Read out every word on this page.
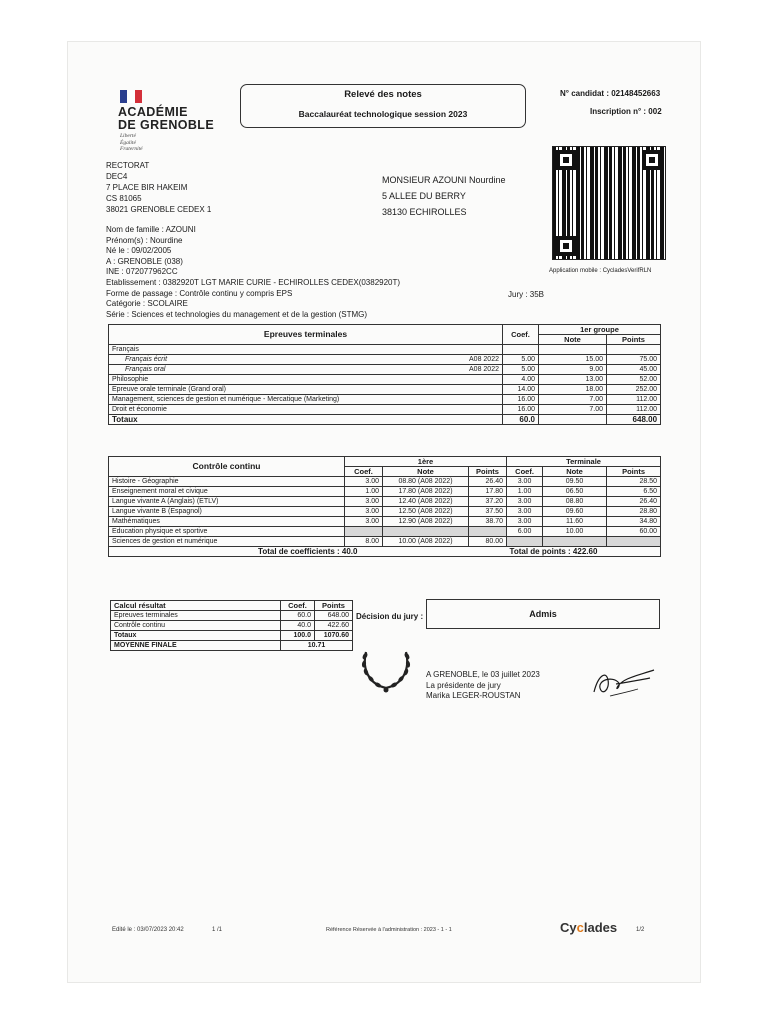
ACADÉMIE
DE GRENOBLE
Liberté
Égalité
Fraternité
Relevé des notes
Baccalauréat technologique session 2023
N° candidat : 02148452663
Inscription n° : 002
RECTORAT
DEC4
7 PLACE BIR HAKEIM
CS 81065
38021 GRENOBLE CEDEX 1
MONSIEUR AZOUNI Nourdine
5 ALLEE DU BERRY
38130 ECHIROLLES
Application mobile : CycladesVerifRLN
Nom de famille : AZOUNI
Prénom(s) : Nourdine
Né le : 09/02/2005
A : GRENOBLE (038)
INE : 072077962CC
Etablissement : 0382920T LGT MARIE CURIE - ECHIROLLES CEDEX(0382920T)
Forme de passage : Contrôle continu y compris EPS
Catégorie : SCOLAIRE
Série : Sciences et technologies du management et de la gestion (STMG)
Jury : 35B
Epreuves terminales		Coef.	1er groupe	
			Note	Points
Français				
Français écrit	A08 2022	5.00	15.00	75.00
Français oral	A08 2022	5.00	9.00	45.00
Philosophie		4.00	13.00	52.00
Epreuve orale terminale (Grand oral)		14.00	18.00	252.00
Management, sciences de gestion et numérique - Mercatique (Marketing)		16.00	7.00	112.00
Droit et économie		16.00	7.00	112.00
Totaux		60.0		648.00
Contrôle continu	1ère			Terminale		
	Coef.	Note	Points	Coef.	Note	Points
Histoire - Géographie	3.00	08.80 (A08 2022)	26.40	3.00	09.50	28.50
Enseignement moral et civique	1.00	17.80 (A08 2022)	17.80	1.00	06.50	6.50
Langue vivante A (Anglais) (ETLV)	3.00	12.40 (A08 2022)	37.20	3.00	08.80	26.40
Langue vivante B (Espagnol)	3.00	12.50 (A08 2022)	37.50	3.00	09.60	28.80
Mathématiques	3.00	12.90 (A08 2022)	38.70	3.00	11.60	34.80
Education physique et sportive				6.00	10.00	60.00
Sciences de gestion et numérique	8.00	10.00 (A08 2022)	80.00			
Total de coefficients : 40.0				Total de points : 422.60		
Calcul résultat	Coef.	Points
Epreuves terminales	60.0	648.00
Contrôle continu	40.0	422.60
Totaux	100.0	1070.60
MOYENNE FINALE	10.71	
Décision du jury :	Admis
A GRENOBLE, le 03 juillet 2023
La présidente de jury
Marika LEGER-ROUSTAN
Edité le : 03/07/2023 20:42	1 /1	Référence Réservée à l'administration : 2023 - 1 - 1	Cyclades	1/2
